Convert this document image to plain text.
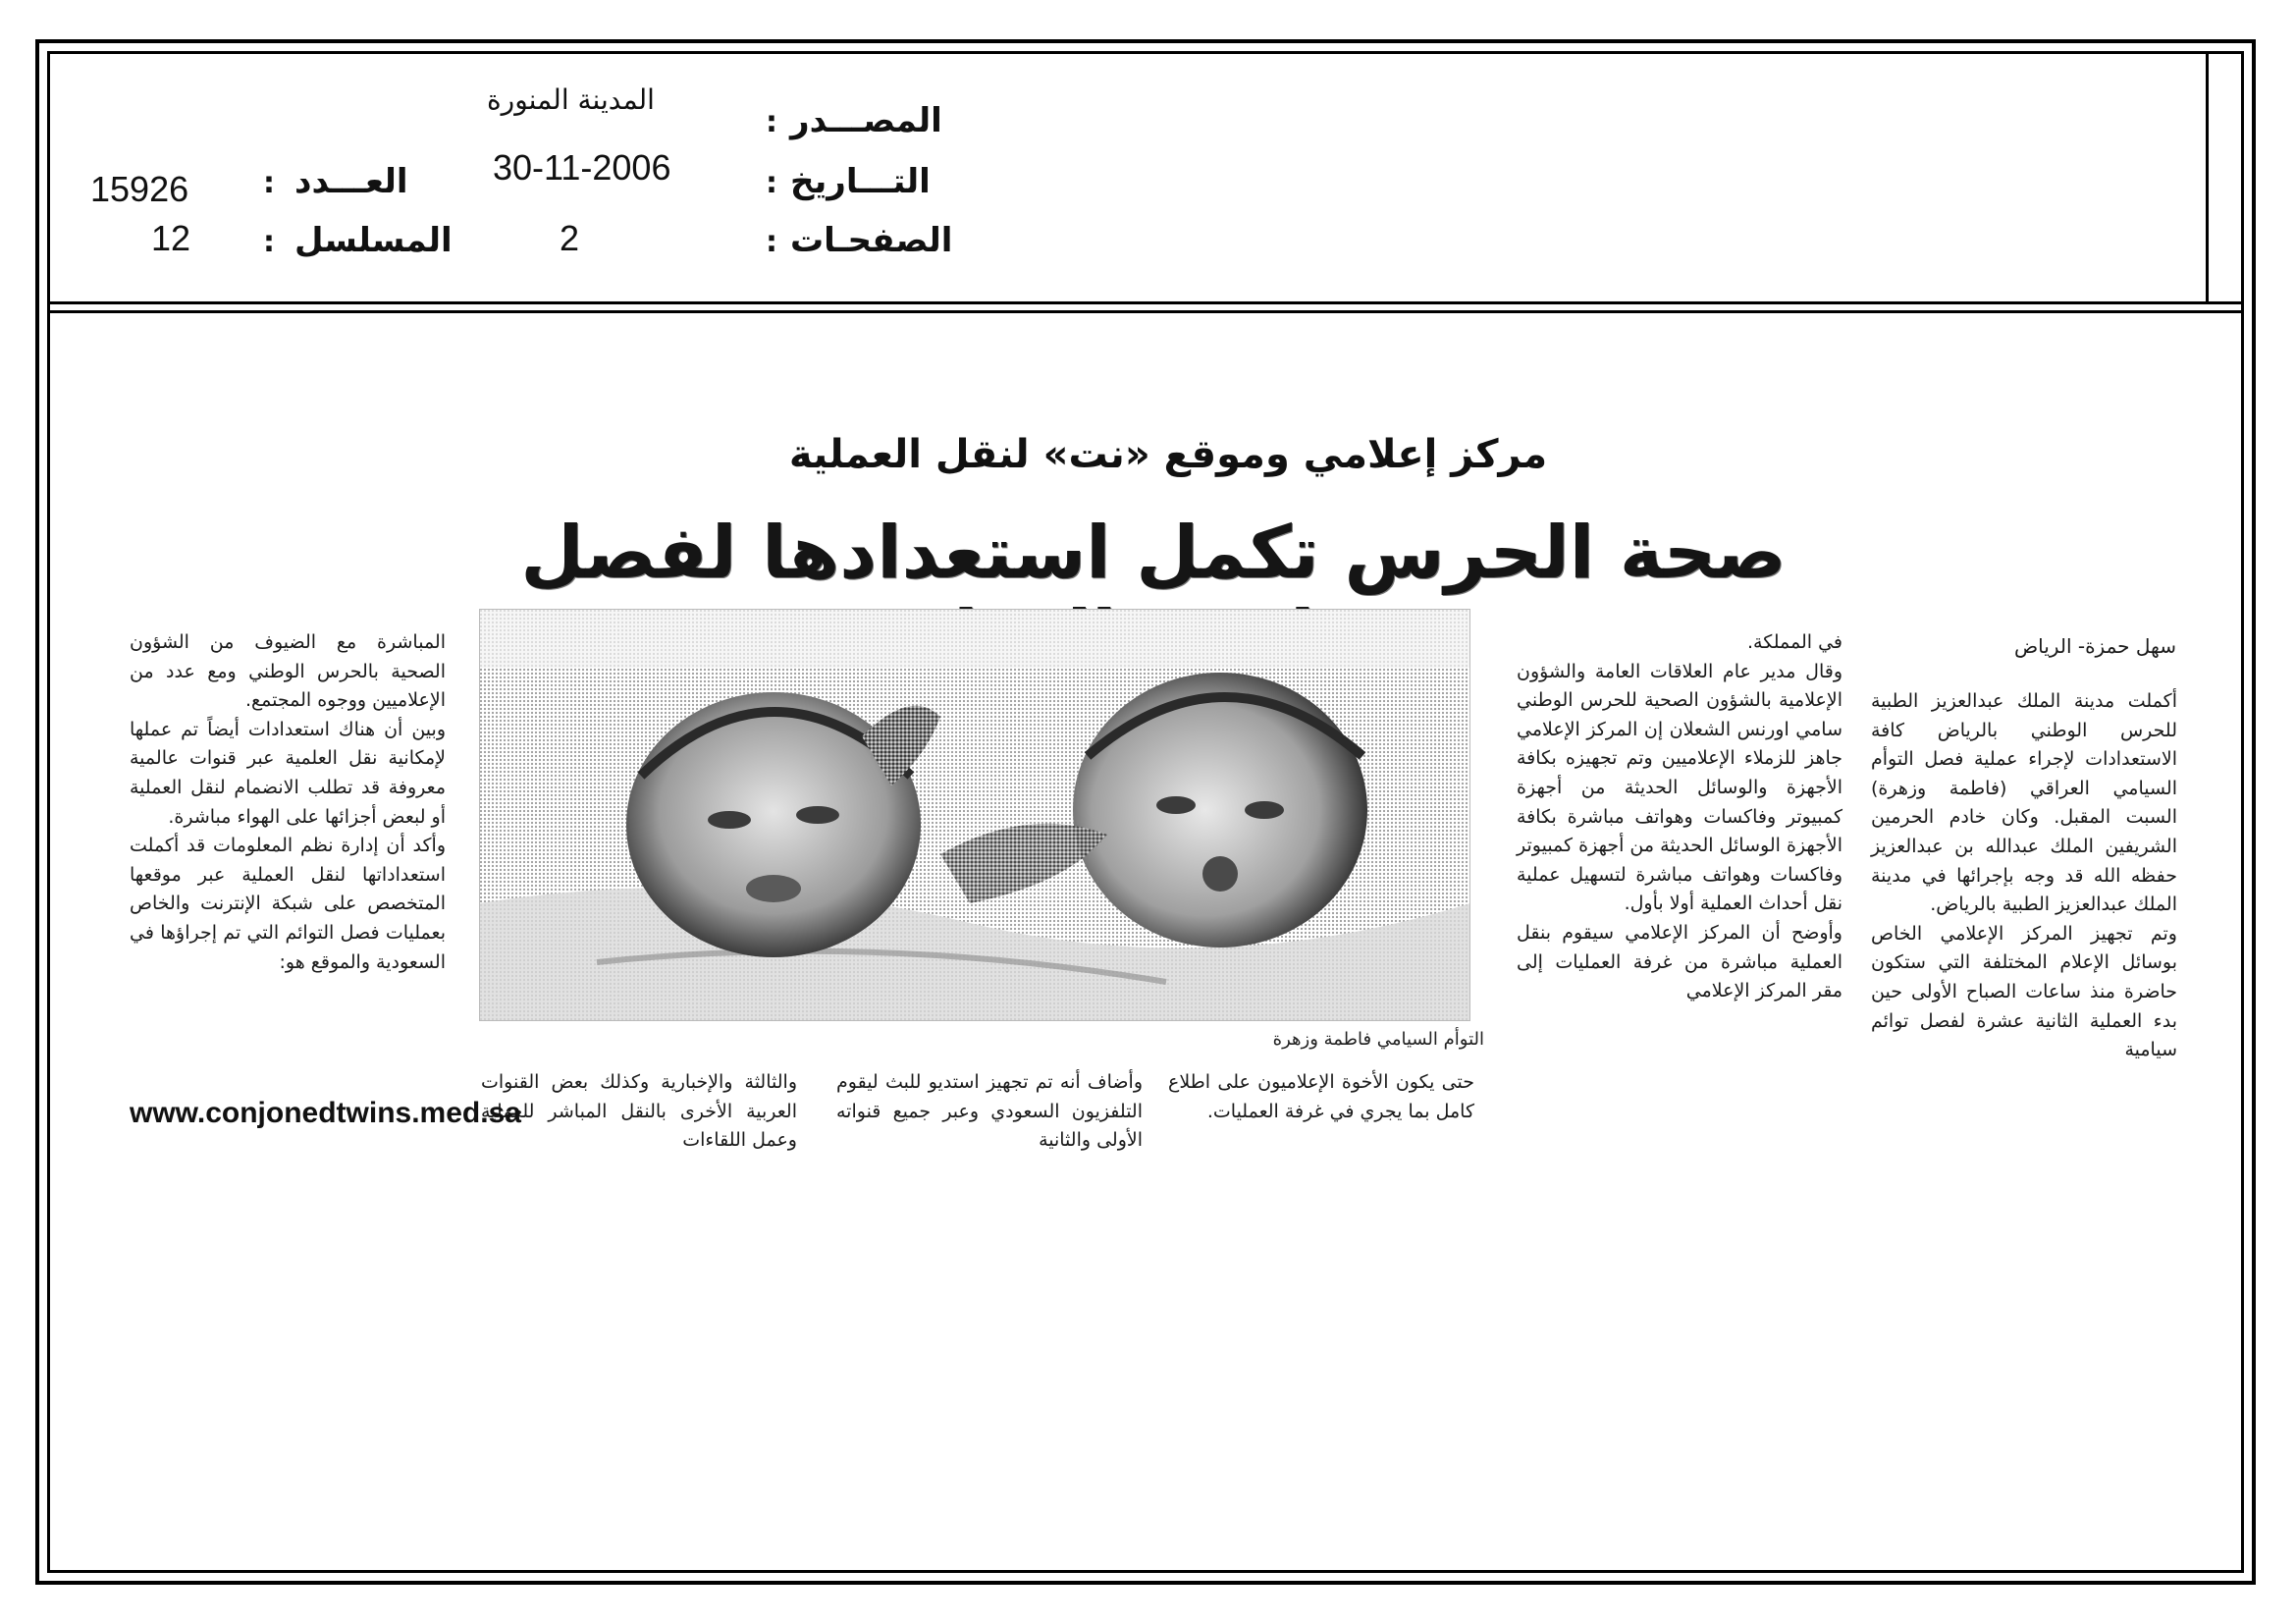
المصـــدر
التـــاريخ
الصفحـات
:
:
:
المدينة المنورة
30-11-2006
2
العـــدد
المسلسل
:
:
15926
12
مركز إعلامي وموقع «نت» لنقل العملية
صحة الحرس تكمل استعدادها لفصل
التوأم السيامي فاطمة وزهرة
سهل حمزة- الرياض

أكملت مدينة الملك عبدالعزيز الطبية للحرس الوطني بالرياض كافة الاستعدادات لإجراء عملية فصل التوأم السيامي العراقي (فاطمة وزهرة) السبت المقبل. وكان خادم الحرمين الشريفين الملك عبدالله بن عبدالعزيز حفظه الله قد وجه بإجرائها في مدينة الملك عبدالعزيز الطبية بالرياض.

وتم تجهيز المركز الإعلامي الخاص بوسائل الإعلام المختلفة التي ستكون حاضرة منذ ساعات الصباح الأولى حين بدء العملية الثانية عشرة لفصل توائم سيامية

في المملكة.

وقال مدير عام العلاقات العامة والشؤون الإعلامية بالشؤون الصحية للحرس الوطني سامي اورنس الشعلان إن المركز الإعلامي جاهز للزملاء الإعلاميين وتم تجهيزه بكافة الأجهزة والوسائل الحديثة من أجهزة كمبيوتر وفاكسات وهواتف مباشرة بكافة الأجهزة الوسائل الحديثة من أجهزة كمبيوتر وفاكسات وهواتف مباشرة لتسهيل عملية نقل أحداث العملية أولا بأول.

وأوضح أن المركز الإعلامي سيقوم بنقل العملية مباشرة من غرفة العمليات إلى مقر المركز الإعلامي

حتى يكون الأخوة الإعلاميون على اطلاع كامل بما يجري في غرفة العمليات.

وأضاف أنه تم تجهيز استديو للبث ليقوم التلفزيون السعودي وعبر جميع قنواته الأولى والثانية

والثالثة والإخبارية وكذلك بعض القنوات العربية الأخرى بالنقل المباشر للعملية وعمل اللقاءات

المباشرة مع الضيوف من الشؤون الصحية بالحرس الوطني ومع عدد من الإعلاميين ووجوه المجتمع.

وبين أن هناك استعدادات أيضاً تم عملها لإمكانية نقل العلمية عبر قنوات عالمية معروفة قد تطلب الانضمام لنقل العملية أو لبعض أجزائها على الهواء مباشرة.

وأكد أن إدارة نظم المعلومات قد أكملت استعداداتها لنقل العملية عبر موقعها المتخصص على شبكة الإنترنت والخاص بعمليات فصل التوائم التي تم إجراؤها في السعودية والموقع هو:

www.conjonedtwins.med.sa
